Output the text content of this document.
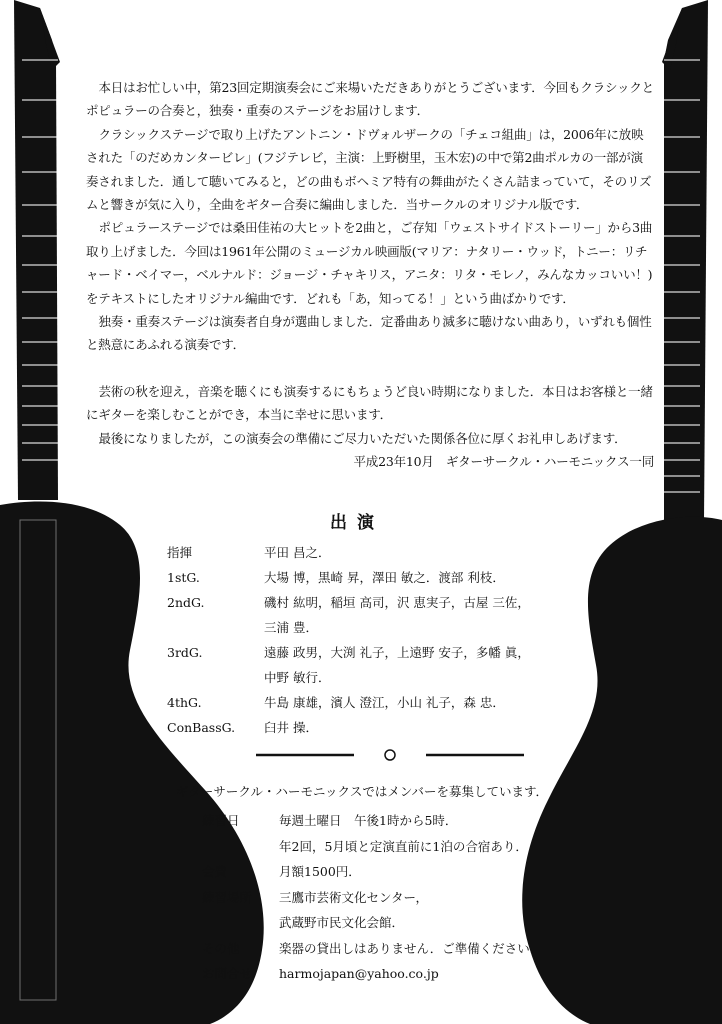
本日はお忙しい中，第23回定期演奏会にご来場いただきありがとうございます．今回もクラシックとポピュラーの合奏と，独奏・重奏のステージをお届けします．

クラシックステージで取り上げたアントニン・ドヴォルザークの「チェコ組曲」は，2006年に放映された「のだめカンタービレ」(フジテレビ，主演：上野樹里，玉木宏)の中で第2曲ポルカの一部が演奏されました．通して聴いてみると，どの曲もボヘミア特有の舞曲がたくさん詰まっていて，そのリズムと響きが気に入り，全曲をギター合奏に編曲しました．当サークルのオリジナル版です．

ポピュラーステージでは桑田佳祐の大ヒットを2曲と，ご存知「ウェストサイドストーリー」から3曲取り上げました．今回は1961年公開のミュージカル映画版(マリア：ナタリー・ウッド，トニー：リチャード・ベイマー，ベルナルド：ジョージ・チャキリス，アニタ：リタ・モレノ，みんなカッコいい！)をテキストにしたオリジナル編曲です．どれも「あ，知ってる！」という曲ばかりです．

独奏・重奏ステージは演奏者自身が選曲しました．定番曲あり滅多に聴けない曲あり，いずれも個性と熱意にあふれる演奏です．

芸術の秋を迎え，音楽を聴くにも演奏するにもちょうど良い時期になりました．本日はお客様と一緒にギターを楽しむことができ，本当に幸せに思います．

最後になりましたが，この演奏会の準備にご尽力いただいた関係各位に厚くお礼申しあげます．

平成23年10月　ギターサークル・ハーモニックス一同

出演
指揮	平田 昌之．
1stG.	大場 博，黒崎 昇，澤田 敏之．渡部 利枝．
2ndG.	磯村 紘明，稲垣 高司，沢 恵実子，古屋 三佐，
三浦 豊．
3rdG.	遠藤 政男，大渕 礼子，上遠野 安子，多幡 眞，
中野 敏行．
4thG.	牛島 康雄，濱人 澄江，小山 礼子，森 忠．
ConBassG.	臼井 操．
ギターサークル・ハーモニックスではメンバーを募集しています．
練習日	毎週土曜日　午後1時から5時．
年2回，5月頃と定演直前に1泊の合宿あり．
会費	月額1500円．
練習場所	三鷹市芸術文化センター，
武蔵野市民文化会館．
その他	楽器の貸出しはありません．ご準備ください．
お問合せ	harmojapan@yahoo.co.jp
